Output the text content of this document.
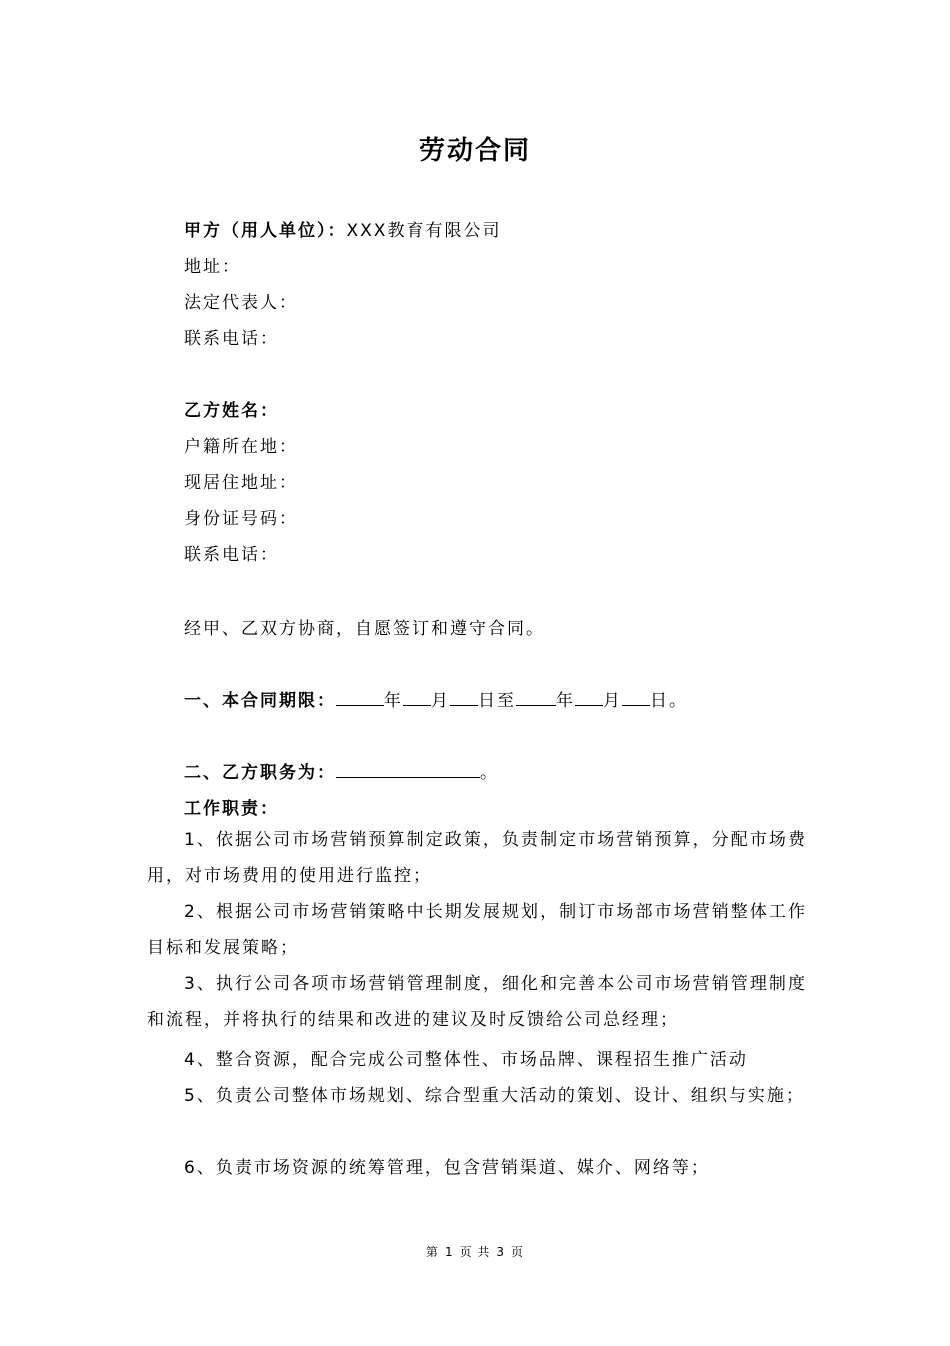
劳动合同
甲方（用人单位）：XXX教育有限公司
地址：
法定代表人：
联系电话：
乙方姓名：
户籍所在地：
现居住地址：
身份证号码：
联系电话：
经甲、乙双方协商，自愿签订和遵守合同。
一、本合同期限：	年 月 日至 年 月 日。
二、乙方职务为：	。
工作职责：
1、依据公司市场营销预算制定政策，负责制定市场营销预算，分配市场费用，对市场费用的使用进行监控；
2、根据公司市场营销策略中长期发展规划，制订市场部市场营销整体工作目标和发展策略；
3、执行公司各项市场营销管理制度，细化和完善本公司市场营销管理制度和流程，并将执行的结果和改进的建议及时反馈给公司总经理；
4、整合资源，配合完成公司整体性、市场品牌、课程招生推广活动
5、负责公司整体市场规划、综合型重大活动的策划、设计、组织与实施；
6、负责市场资源的统筹管理，包含营销渠道、媒介、网络等；
第 1 页 共 3 页
